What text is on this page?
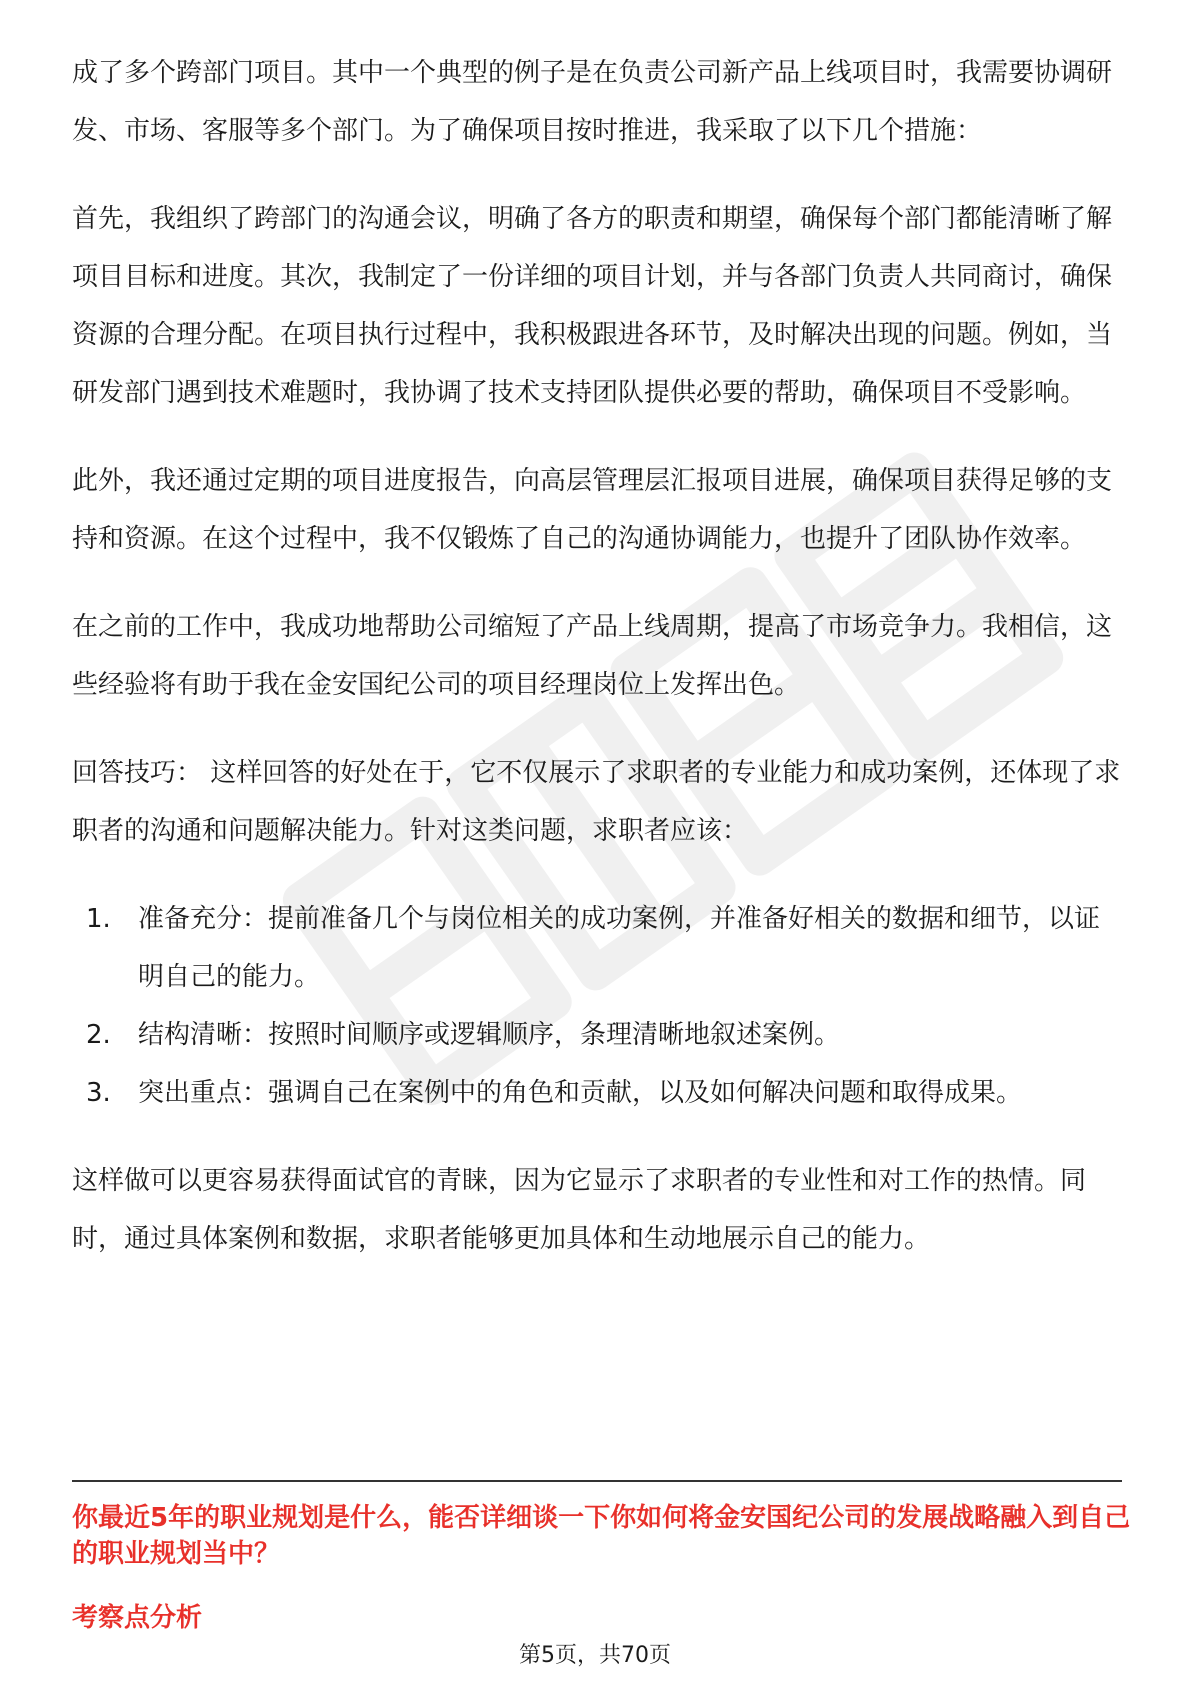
成了多个跨部门项目。其中一个典型的例子是在负责公司新产品上线项目时，我需要协调研发、市场、客服等多个部门。为了确保项目按时推进，我采取了以下几个措施：

首先，我组织了跨部门的沟通会议，明确了各方的职责和期望，确保每个部门都能清晰了解项目目标和进度。其次，我制定了一份详细的项目计划，并与各部门负责人共同商讨，确保资源的合理分配。在项目执行过程中，我积极跟进各环节，及时解决出现的问题。例如，当研发部门遇到技术难题时，我协调了技术支持团队提供必要的帮助，确保项目不受影响。

此外，我还通过定期的项目进度报告，向高层管理层汇报项目进展，确保项目获得足够的支持和资源。在这个过程中，我不仅锻炼了自己的沟通协调能力，也提升了团队协作效率。

在之前的工作中，我成功地帮助公司缩短了产品上线周期，提高了市场竞争力。我相信，这些经验将有助于我在金安国纪公司的项目经理岗位上发挥出色。

回答技巧： 这样回答的好处在于，它不仅展示了求职者的专业能力和成功案例，还体现了求职者的沟通和问题解决能力。针对这类问题，求职者应该：

1.	准备充分：提前准备几个与岗位相关的成功案例，并准备好相关的数据和细节，以证明自己的能力。
2.	结构清晰：按照时间顺序或逻辑顺序，条理清晰地叙述案例。
3.	突出重点：强调自己在案例中的角色和贡献，以及如何解决问题和取得成果。

这样做可以更容易获得面试官的青睐，因为它显示了求职者的专业性和对工作的热情。同时，通过具体案例和数据，求职者能够更加具体和生动地展示自己的能力。

你最近5年的职业规划是什么，能否详细谈一下你如何将金安国纪公司的发展战略融入到自己的职业规划当中？
考察点分析
第5页，共70页
